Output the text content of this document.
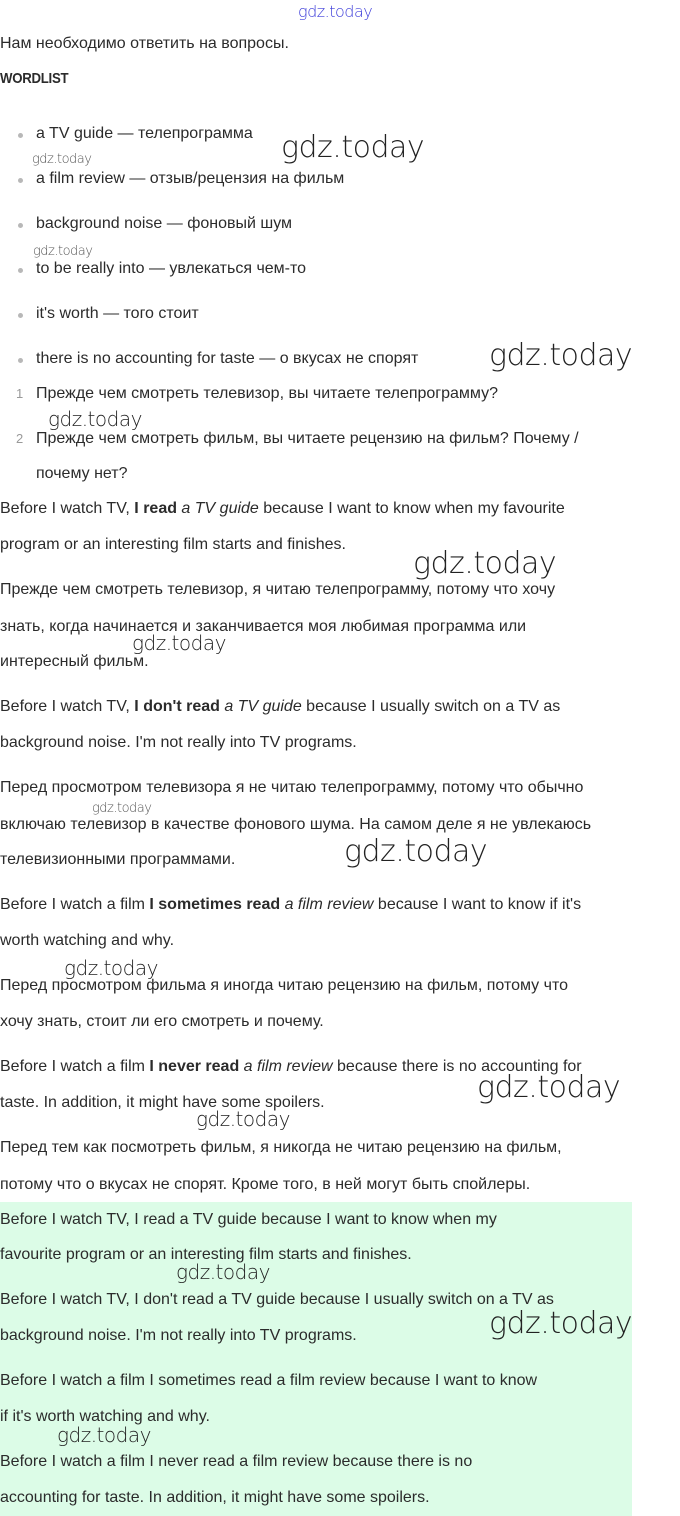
Нам необходимо ответить на вопросы.
WORDLIST
a TV guide — телепрограмма
a film review — отзыв/рецензия на фильм
background noise — фоновый шум
to be really into — увлекаться чем-то
it's worth — того стоит
there is no accounting for taste — о вкусах не спорят
1 Прежде чем смотреть телевизор, вы читаете телепрограмму?
2 Прежде чем смотреть фильм, вы читаете рецензию на фильм? Почему /
почему нет?
Before I watch TV, I read a TV guide because I want to know when my favourite
program or an interesting film starts and finishes.
Прежде чем смотреть телевизор, я читаю телепрограмму, потому что хочу
знать, когда начинается и заканчивается моя любимая программа или
интересный фильм.
Before I watch TV, I don't read a TV guide because I usually switch on a TV as
background noise. I'm not really into TV programs.
Перед просмотром телевизора я не читаю телепрограмму, потому что обычно
включаю телевизор в качестве фонового шума. На самом деле я не увлекаюсь
телевизионными программами.
Before I watch a film I sometimes read a film review because I want to know if it's
worth watching and why.
Перед просмотром фильма я иногда читаю рецензию на фильм, потому что
хочу знать, стоит ли его смотреть и почему.
Before I watch a film I never read a film review because there is no accounting for
taste. In addition, it might have some spoilers.
Перед тем как посмотреть фильм, я никогда не читаю рецензию на фильм,
потому что о вкусах не спорят. Кроме того, в ней могут быть спойлеры.
Before I watch TV, I read a TV guide because I want to know when my
favourite program or an interesting film starts and finishes.
Before I watch TV, I don't read a TV guide because I usually switch on a TV as
background noise. I'm not really into TV programs.
Before I watch a film I sometimes read a film review because I want to know
if it's worth watching and why.
Before I watch a film I never read a film review because there is no
accounting for taste. In addition, it might have some spoilers.
gdz.today
gdz.today
gdz.today
gdz.today
gdz.today
gdz.today
gdz.today
gdz.today
gdz.today
gdz.today
gdz.today
gdz.today
gdz.today
gdz.today
gdz.today
gdz.today
